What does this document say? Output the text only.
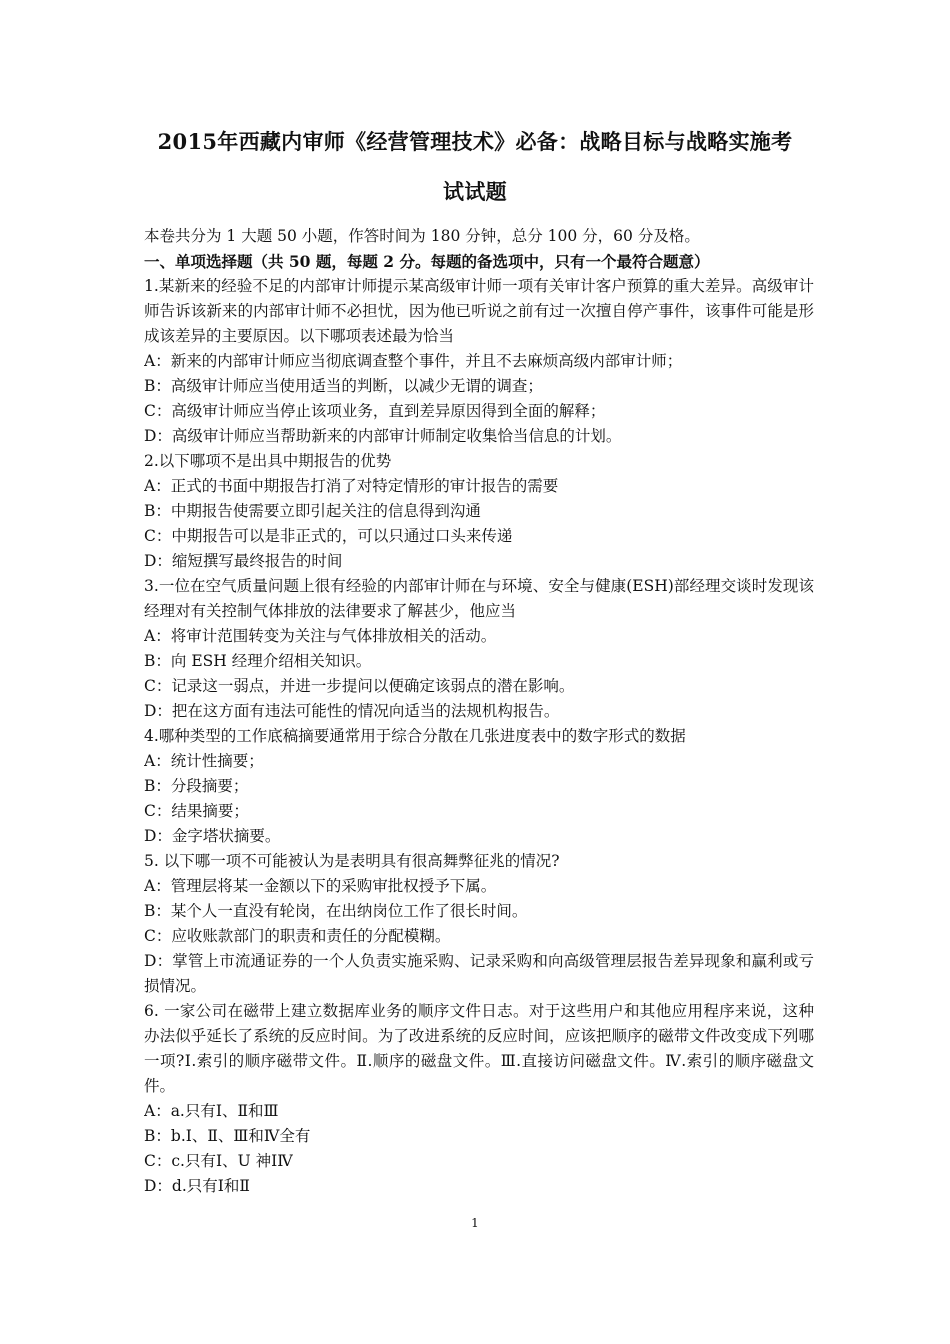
2015年西藏内审师《经营管理技术》必备：战略目标与战略实施考
试试题
本卷共分为 1 大题 50 小题，作答时间为 180 分钟，总分 100 分，60 分及格。
一、单项选择题（共 50 题，每题 2 分。每题的备选项中，只有一个最符合题意）
1.某新来的经验不足的内部审计师提示某高级审计师一项有关审计客户预算的重大差异。高级审计师告诉该新来的内部审计师不必担忧，因为他已听说之前有过一次擅自停产事件，该事件可能是形成该差异的主要原因。以下哪项表述最为恰当
A：新来的内部审计师应当彻底调查整个事件，并且不去麻烦高级内部审计师；
B：高级审计师应当使用适当的判断，以减少无谓的调查；
C：高级审计师应当停止该项业务，直到差异原因得到全面的解释；
D：高级审计师应当帮助新来的内部审计师制定收集恰当信息的计划。
2.以下哪项不是出具中期报告的优势
A：正式的书面中期报告打消了对特定情形的审计报告的需要
B：中期报告使需要立即引起关注的信息得到沟通
C：中期报告可以是非正式的，可以只通过口头来传递
D：缩短撰写最终报告的时间
3.一位在空气质量问题上很有经验的内部审计师在与环境、安全与健康(ESH)部经理交谈时发现该经理对有关控制气体排放的法律要求了解甚少，他应当
A：将审计范围转变为关注与气体排放相关的活动。
B：向 ESH 经理介绍相关知识。
C：记录这一弱点，并进一步提问以便确定该弱点的潜在影响。
D：把在这方面有违法可能性的情况向适当的法规机构报告。
4.哪种类型的工作底稿摘要通常用于综合分散在几张进度表中的数字形式的数据
A：统计性摘要；
B：分段摘要；
C：结果摘要；
D：金字塔状摘要。
5. 以下哪一项不可能被认为是表明具有很高舞弊征兆的情况?
A：管理层将某一金额以下的采购审批权授予下属。
B：某个人一直没有轮岗，在出纳岗位工作了很长时间。
C：应收账款部门的职责和责任的分配模糊。
D：掌管上市流通证券的一个人负责实施采购、记录采购和向高级管理层报告差异现象和赢利或亏损情况。
6. 一家公司在磁带上建立数据库业务的顺序文件日志。对于这些用户和其他应用程序来说，这种办法似乎延长了系统的反应时间。为了改进系统的反应时间，应该把顺序的磁带文件改变成下列哪一项?Ⅰ.索引的顺序磁带文件。Ⅱ.顺序的磁盘文件。Ⅲ.直接访问磁盘文件。Ⅳ.索引的顺序磁盘文件。
A：a.只有Ⅰ、Ⅱ和Ⅲ
B：b.Ⅰ、Ⅱ、Ⅲ和Ⅳ全有
C：c.只有Ⅰ、U 神ⅠⅣ
D：d.只有Ⅰ和Ⅱ
1
